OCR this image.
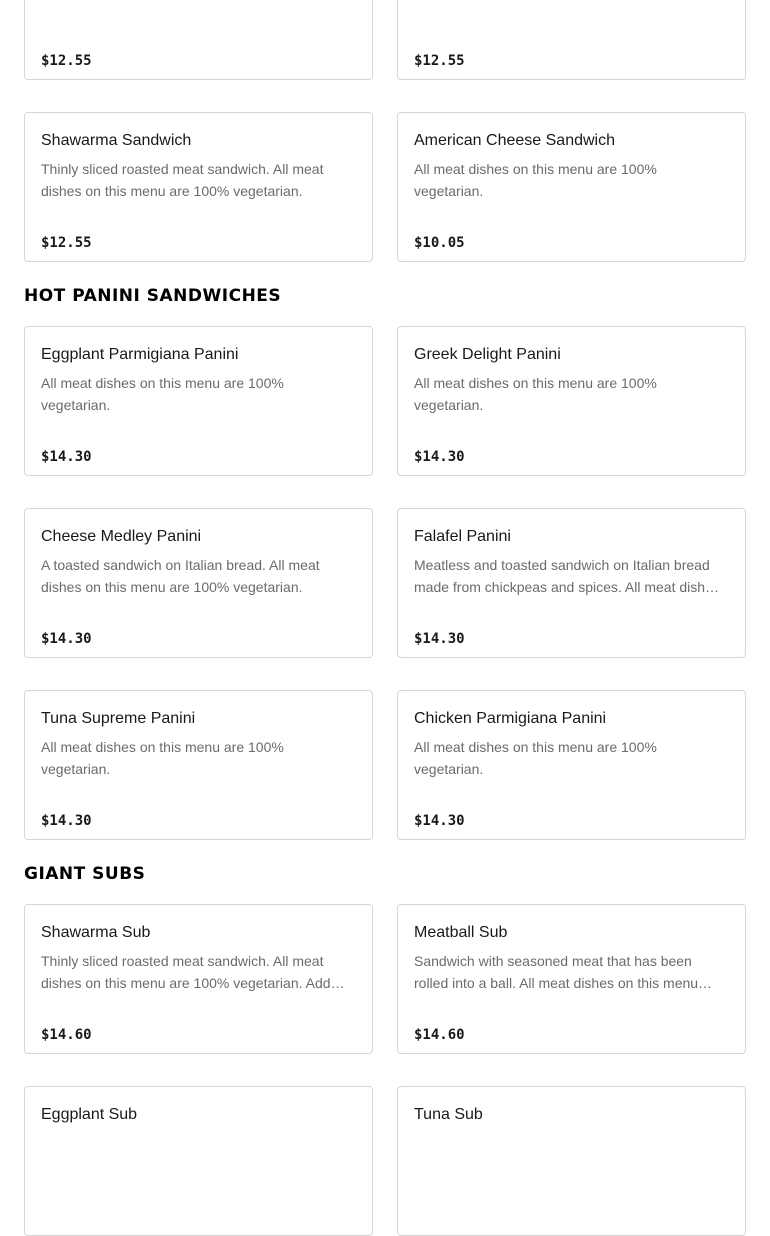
$12.55	$12.55
Shawarma Sandwich
Thinly sliced roasted meat sandwich. All meat dishes on this menu are 100% vegetarian.
$12.55
American Cheese Sandwich
All meat dishes on this menu are 100% vegetarian.
$10.05
HOT PANINI SANDWICHES
Eggplant Parmigiana Panini
All meat dishes on this menu are 100% vegetarian.
$14.30
Greek Delight Panini
All meat dishes on this menu are 100% vegetarian.
$14.30
Cheese Medley Panini
A toasted sandwich on Italian bread. All meat dishes on this menu are 100% vegetarian.
$14.30
Falafel Panini
Meatless and toasted sandwich on Italian bread made from chickpeas and spices. All meat dish…
$14.30
Tuna Supreme Panini
All meat dishes on this menu are 100% vegetarian.
$14.30
Chicken Parmigiana Panini
All meat dishes on this menu are 100% vegetarian.
$14.30
GIANT SUBS
Shawarma Sub
Thinly sliced roasted meat sandwich. All meat dishes on this menu are 100% vegetarian. Add…
$14.60
Meatball Sub
Sandwich with seasoned meat that has been rolled into a ball. All meat dishes on this menu…
$14.60
Eggplant Sub	Tuna Sub
